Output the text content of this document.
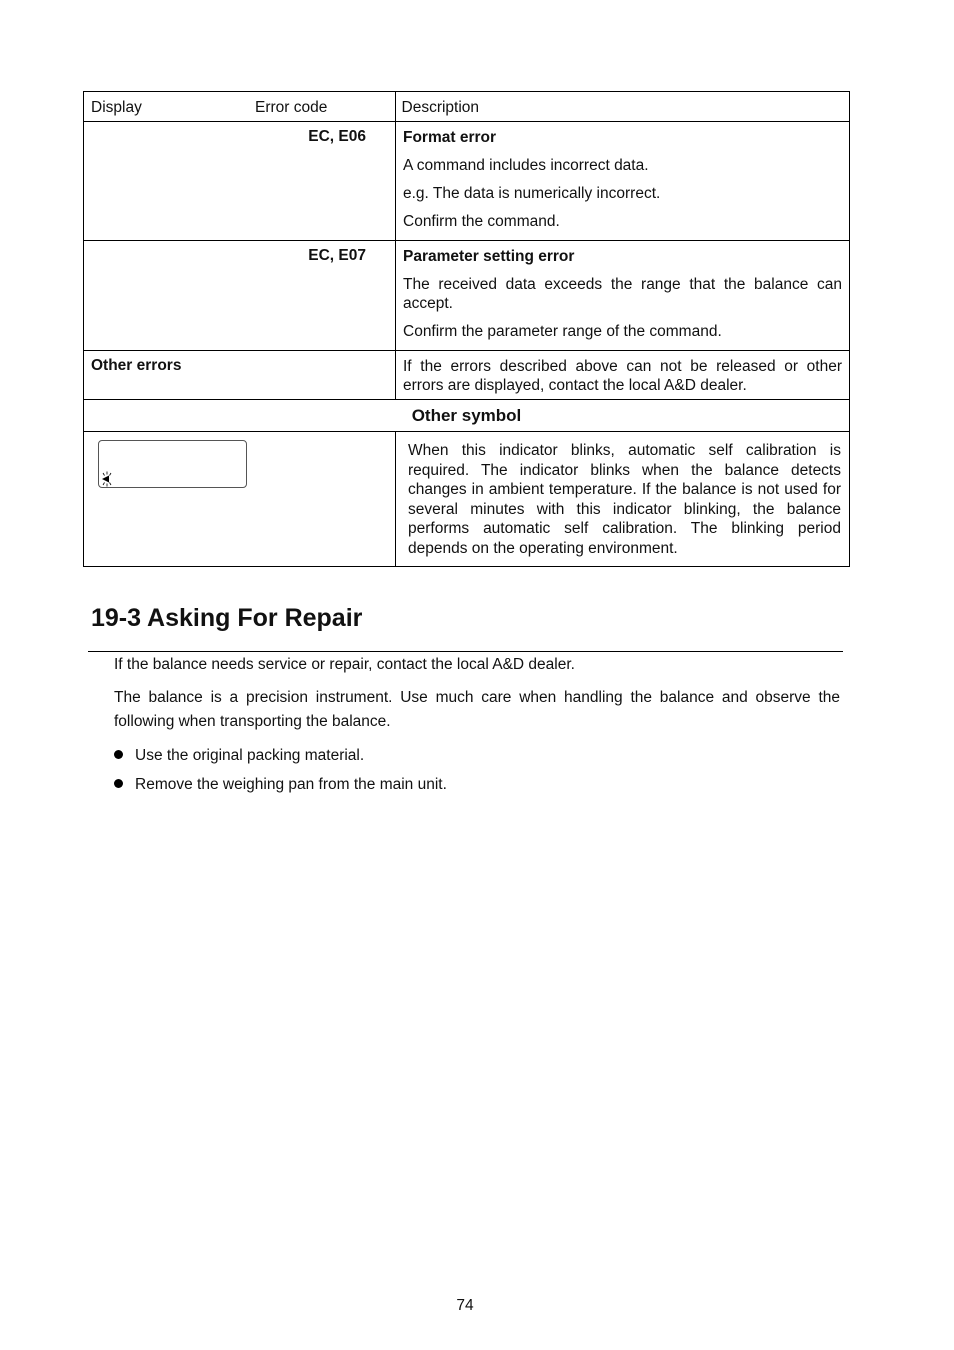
Display Error code	Description

EC, E06	Format error

A command includes incorrect data.

e.g. The data is numerically incorrect.

Confirm the command.

EC, E07	Parameter setting error

The received data exceeds the range that the balance can accept.

Confirm the parameter range of the command.

Other errors	If the errors described above can not be released or other errors are displayed, contact the local A&D dealer.

Other symbol	

When this indicator blinks, automatic self calibration is required. The indicator blinks when the balance detects changes in ambient temperature. If the balance is not used for several minutes with this indicator blinking, the balance performs automatic self calibration. The blinking period depends on the operating environment.
19-3 Asking For Repair

If the balance needs service or repair, contact the local A&D dealer.

The balance is a precision instrument. Use much care when handling the balance and observe the following when transporting the balance.

Use the original packing material.

Remove the weighing pan from the main unit.

74
